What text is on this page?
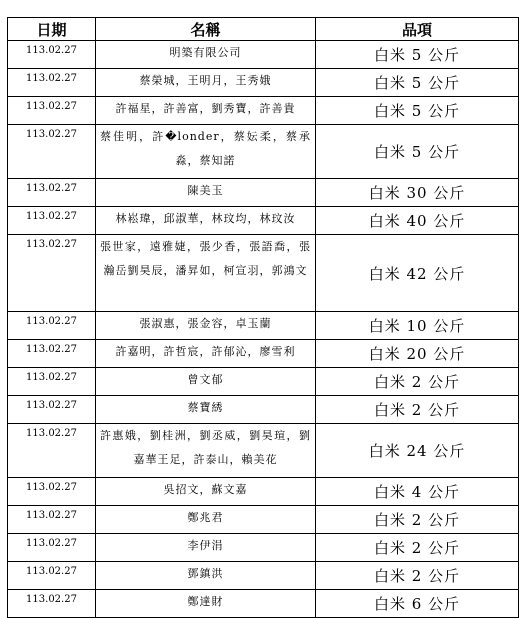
日期	名稱	品項
113.02.27	明築有限公司	白米 5 公斤
113.02.27	蔡榮城，王明月，王秀娥	白米 5 公斤
113.02.27	許福星，許善富，劉秀寶，許善貴	白米 5 公斤
113.02.27	蔡佳明，許�londer，蔡妘柔，蔡承淼，蔡知諾	白米 5 公斤
113.02.27	陳美玉	白米 30 公斤
113.02.27	林崧瑋，邱淑華，林玟均，林玟汝	白米 40 公斤
113.02.27	張世家，遠雅婕，張少香，張語喬，張瀚岳劉昊辰，潘昇如，柯宣羽，郭鴻文	白米 42 公斤
113.02.27	張淑惠，張金容，卓玉蘭	白米 10 公斤
113.02.27	許嘉明，許哲宸，許郁沁，廖雪利	白米 20 公斤
113.02.27	曾文郁	白米 2 公斤
113.02.27	蔡寶綉	白米 2 公斤
113.02.27	許惠娥，劉桂洲，劉丞威，劉昊瑄，劉嘉華王足，許泰山，賴美花	白米 24 公斤
113.02.27	吳招文，蘇文嘉	白米 4 公斤
113.02.27	鄭兆君	白米 2 公斤
113.02.27	李伊涓	白米 2 公斤
113.02.27	鄧鎮洪	白米 2 公斤
113.02.27	鄭達財	白米 6 公斤
